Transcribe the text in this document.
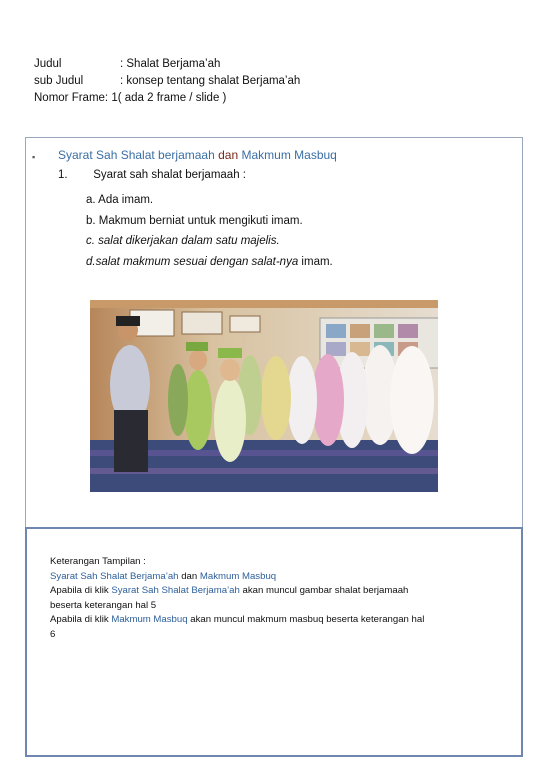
Judul	: Shalat Berjama’ah
sub Judul	: konsep tentang shalat Berjama’ah
Nomor Frame: 1( ada 2 frame / slide )
▪ Syarat Sah Shalat berjamaah dan Makmum Masbuq
1. Syarat sah shalat berjamaah :
a. Ada imam.
b. Makmum berniat untuk mengikuti imam.
c. salat dikerjakan dalam satu majelis.
d.salat makmum sesuai dengan salat-nya imam.
Keterangan Tampilan :
Syarat Sah Shalat Berjama’ah dan Makmum Masbuq
Apabila di klik Syarat Sah Shalat Berjama’ah akan muncul gambar shalat berjamaah beserta keterangan hal 5
Apabila di klik Makmum Masbuq akan muncul makmum masbuq beserta keterangan hal 6
